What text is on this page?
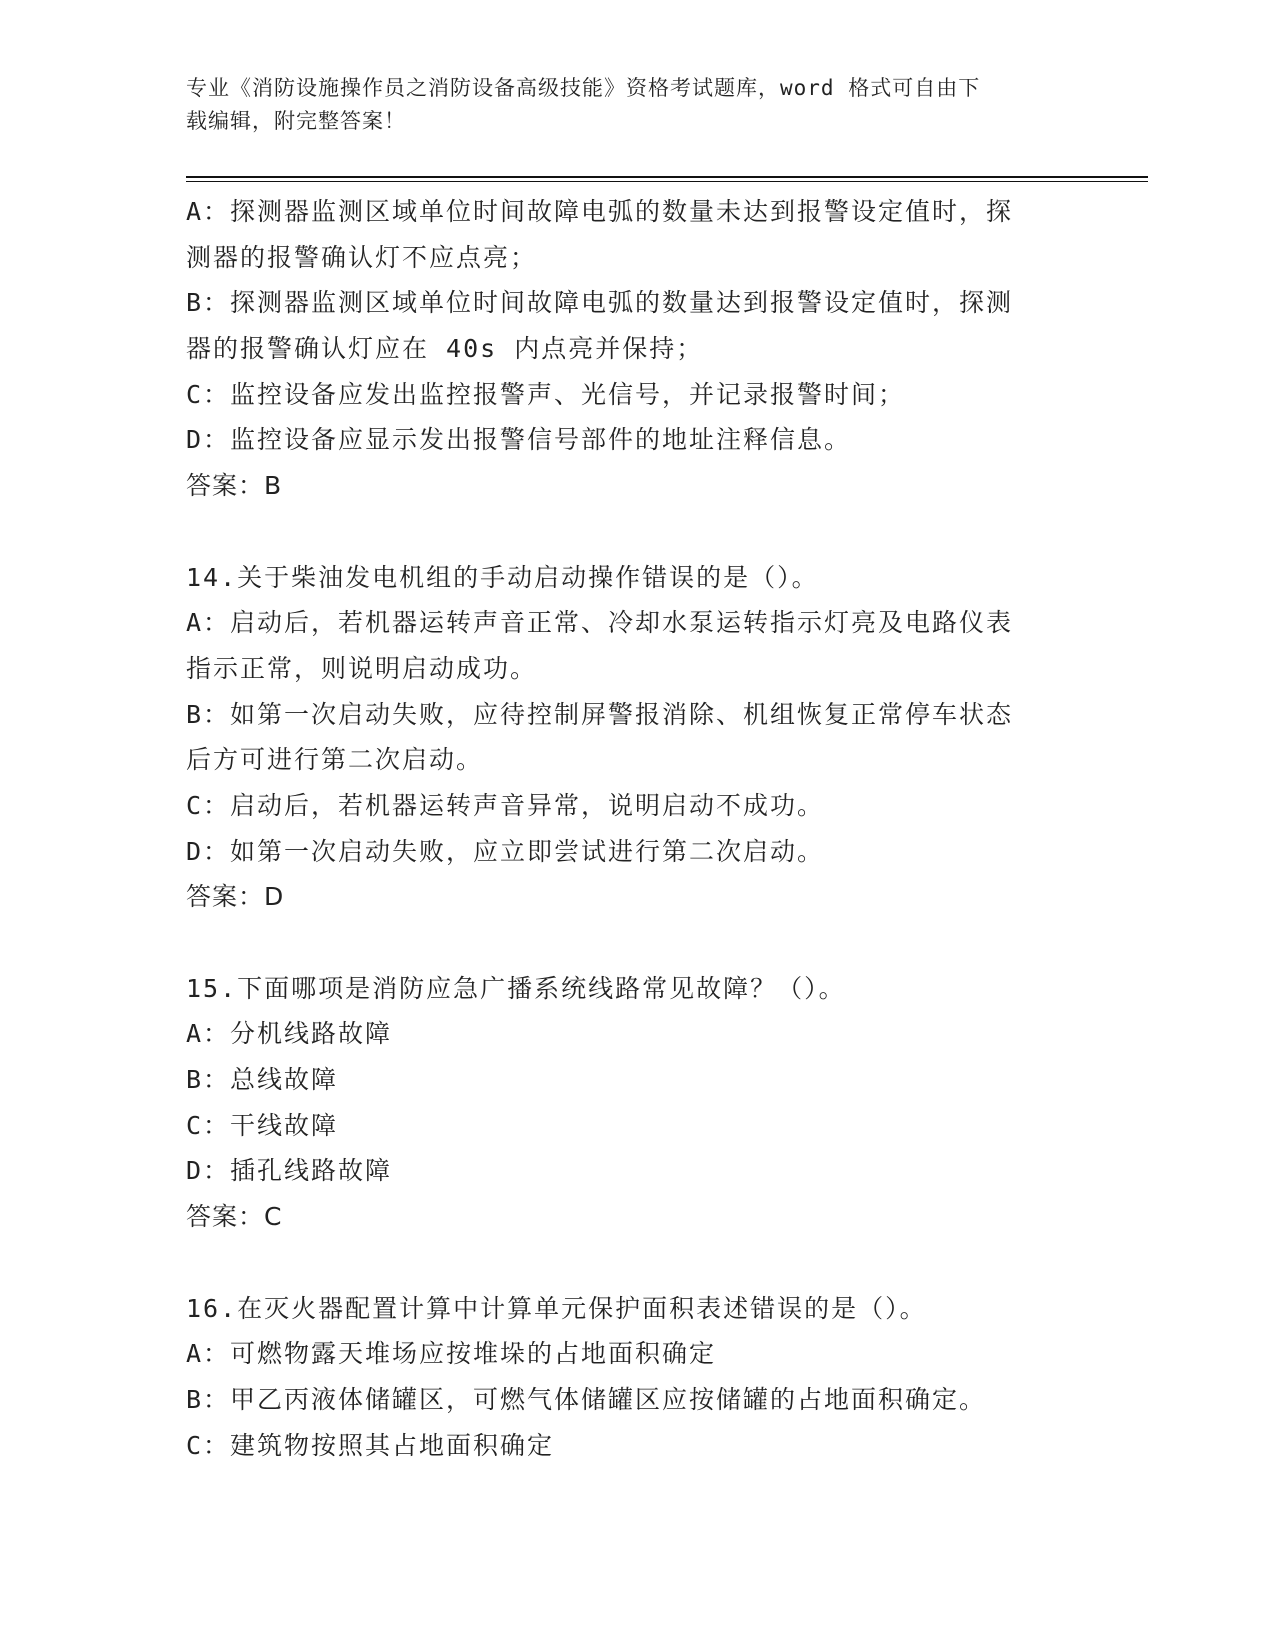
专业《消防设施操作员之消防设备高级技能》资格考试题库，word 格式可自由下
载编辑，附完整答案！
A：探测器监测区域单位时间故障电弧的数量未达到报警设定值时，探
测器的报警确认灯不应点亮；
B：探测器监测区域单位时间故障电弧的数量达到报警设定值时，探测
器的报警确认灯应在 40s 内点亮并保持；
C：监控设备应发出监控报警声、光信号，并记录报警时间；
D：监控设备应显示发出报警信号部件的地址注释信息。
答案：B
14.关于柴油发电机组的手动启动操作错误的是（）。
A：启动后，若机器运转声音正常、冷却水泵运转指示灯亮及电路仪表
指示正常，则说明启动成功。
B：如第一次启动失败，应待控制屏警报消除、机组恢复正常停车状态
后方可进行第二次启动。
C：启动后，若机器运转声音异常，说明启动不成功。
D：如第一次启动失败，应立即尝试进行第二次启动。
答案：D
15.下面哪项是消防应急广播系统线路常见故障？（）。
A：分机线路故障
B：总线故障
C：干线故障
D：插孔线路故障
答案：C
16.在灭火器配置计算中计算单元保护面积表述错误的是（）。
A：可燃物露天堆场应按堆垛的占地面积确定
B：甲乙丙液体储罐区，可燃气体储罐区应按储罐的占地面积确定。
C：建筑物按照其占地面积确定
